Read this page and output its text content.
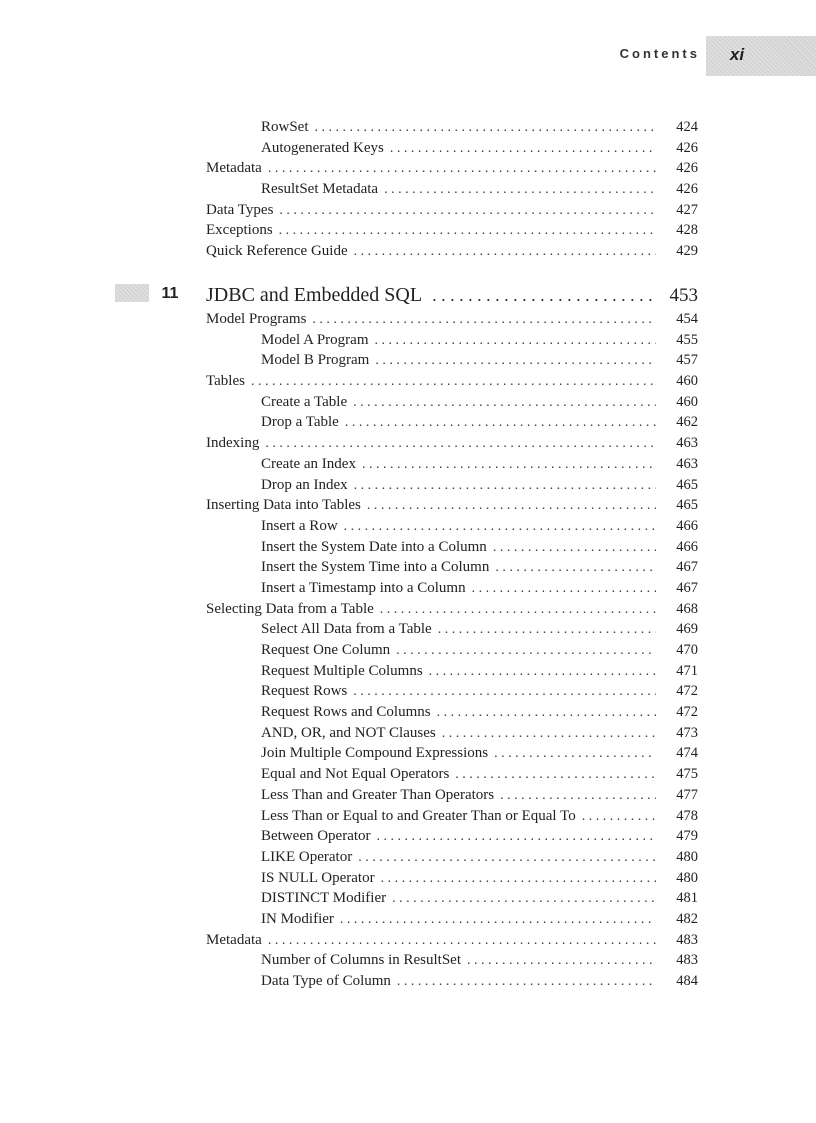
Contents	xi
RowSet . . .	424
Autogenerated Keys . . .	426
Metadata . . .	426
ResultSet Metadata . . .	426
Data Types . . .	427
Exceptions . . .	428
Quick Reference Guide . . .	429
11	JDBC and Embedded SQL . . .	453
Model Programs . . .	454
Model A Program . . .	455
Model B Program . . .	457
Tables . . .	460
Create a Table . . .	460
Drop a Table . . .	462
Indexing . . .	463
Create an Index . . .	463
Drop an Index . . .	465
Inserting Data into Tables . . .	465
Insert a Row . . .	466
Insert the System Date into a Column . . .	466
Insert the System Time into a Column . . .	467
Insert a Timestamp into a Column . . .	467
Selecting Data from a Table . . .	468
Select All Data from a Table . . .	469
Request One Column . . .	470
Request Multiple Columns . . .	471
Request Rows . . .	472
Request Rows and Columns . . .	472
AND, OR, and NOT Clauses . . .	473
Join Multiple Compound Expressions . . .	474
Equal and Not Equal Operators . . .	475
Less Than and Greater Than Operators . . .	477
Less Than or Equal to and Greater Than or Equal To . . .	478
Between Operator . . .	479
LIKE Operator . . .	480
IS NULL Operator . . .	480
DISTINCT Modifier . . .	481
IN Modifier . . .	482
Metadata . . .	483
Number of Columns in ResultSet . . .	483
Data Type of Column . . .	484
